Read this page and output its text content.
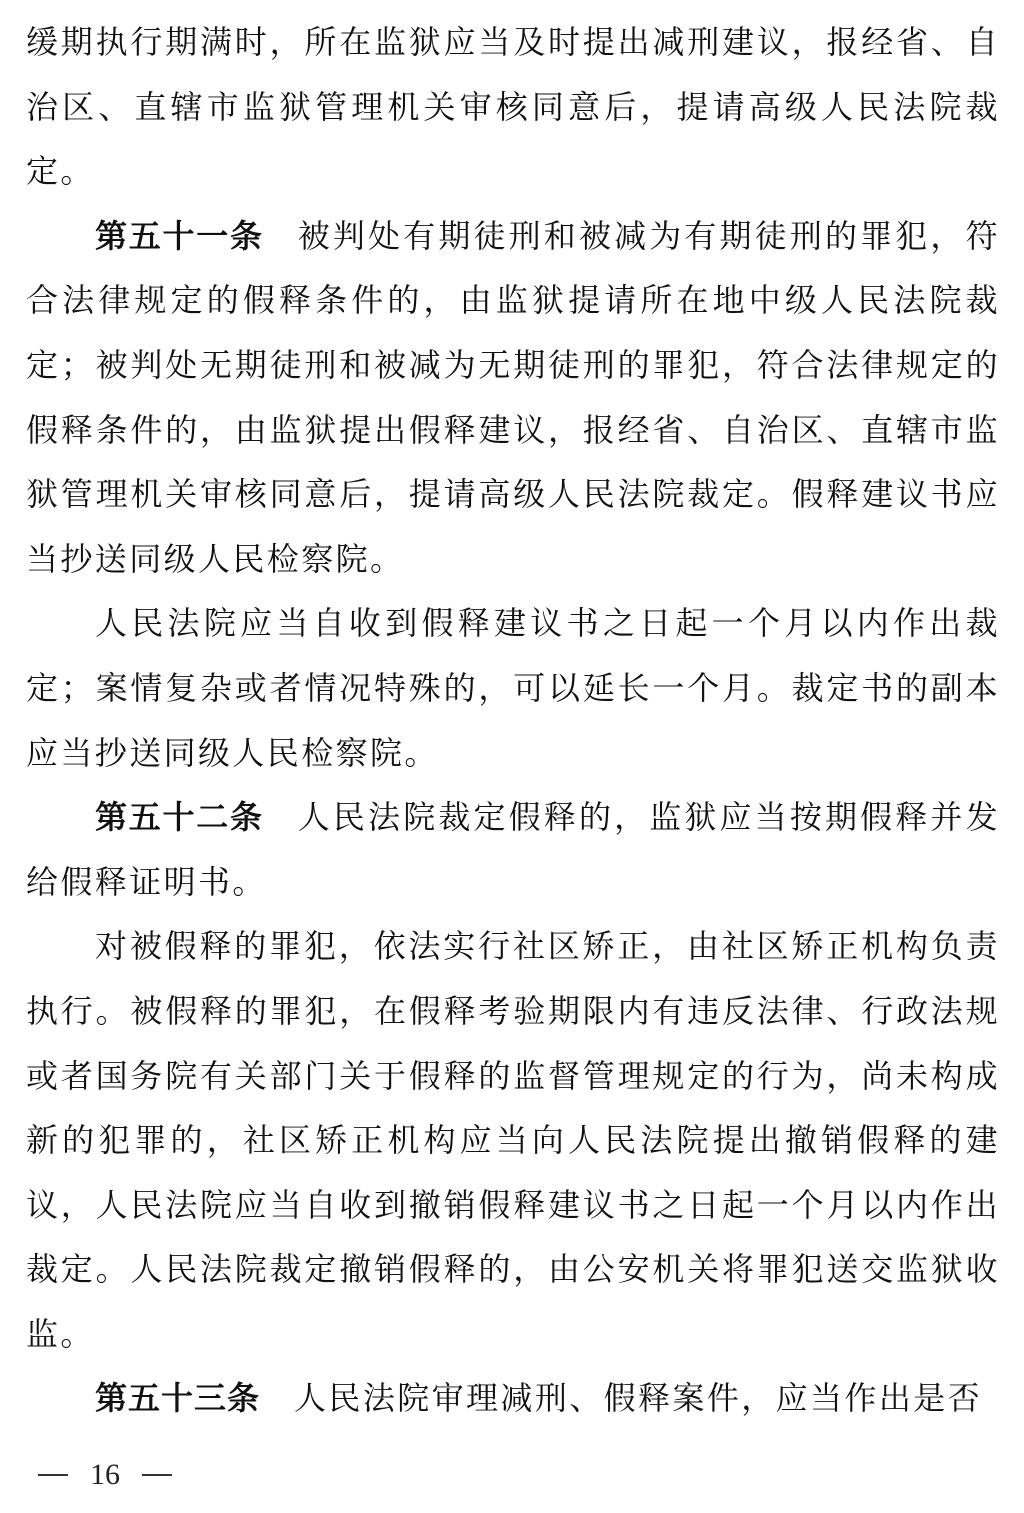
缓期执行期满时，所在监狱应当及时提出减刑建议，报经省、自治区、直辖市监狱管理机关审核同意后，提请高级人民法院裁定。

第五十一条 被判处有期徒刑和被减为有期徒刑的罪犯，符合法律规定的假释条件的，由监狱提请所在地中级人民法院裁定；被判处无期徒刑和被减为无期徒刑的罪犯，符合法律规定的假释条件的，由监狱提出假释建议，报经省、自治区、直辖市监狱管理机关审核同意后，提请高级人民法院裁定。假释建议书应当抄送同级人民检察院。

人民法院应当自收到假释建议书之日起一个月以内作出裁定；案情复杂或者情况特殊的，可以延长一个月。裁定书的副本应当抄送同级人民检察院。

第五十二条 人民法院裁定假释的，监狱应当按期假释并发给假释证明书。

对被假释的罪犯，依法实行社区矫正，由社区矫正机构负责执行。被假释的罪犯，在假释考验期限内有违反法律、行政法规或者国务院有关部门关于假释的监督管理规定的行为，尚未构成新的犯罪的，社区矫正机构应当向人民法院提出撤销假释的建议，人民法院应当自收到撤销假释建议书之日起一个月以内作出裁定。人民法院裁定撤销假释的，由公安机关将罪犯送交监狱收监。

第五十三条 人民法院审理减刑、假释案件，应当作出是否

16
